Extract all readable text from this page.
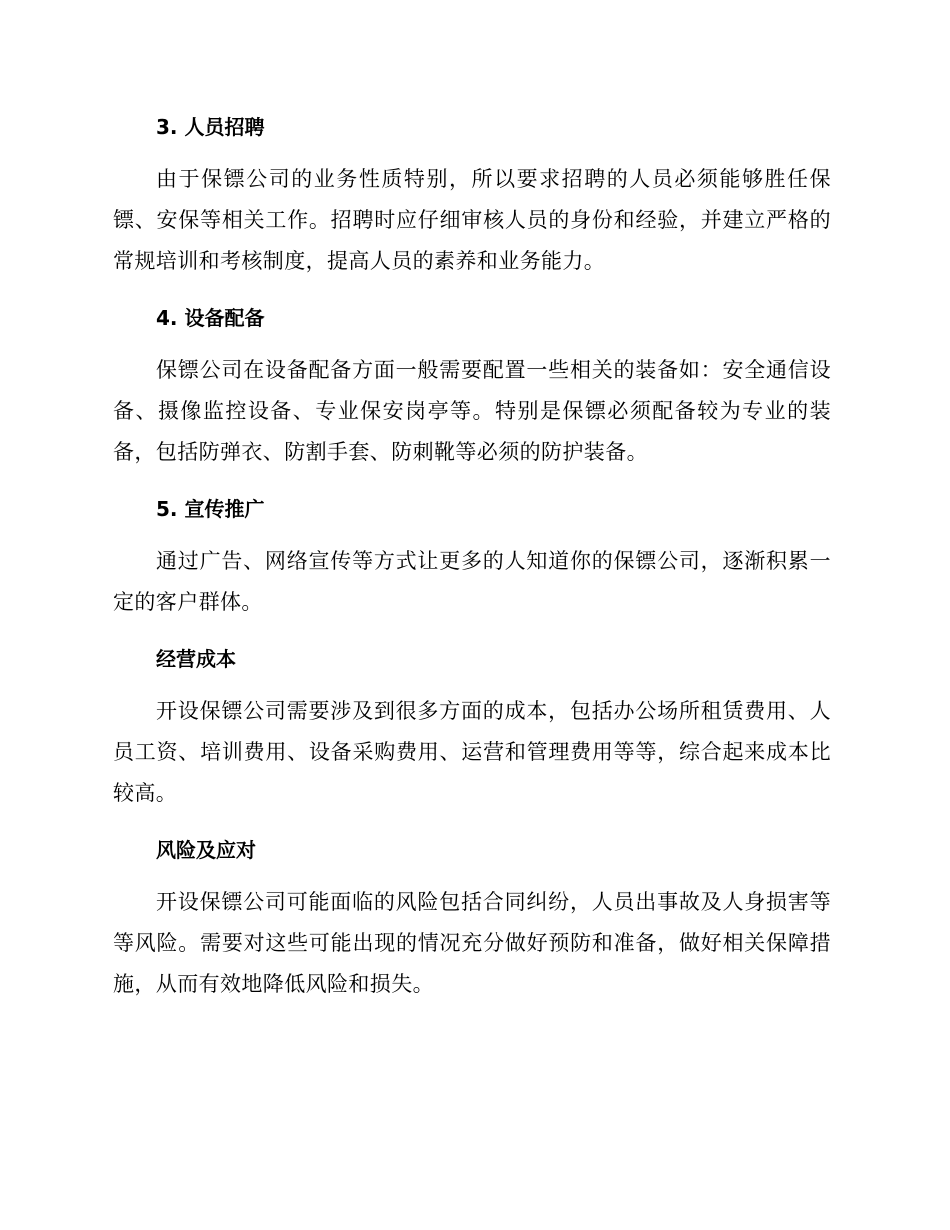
3. 人员招聘

由于保镖公司的业务性质特别，所以要求招聘的人员必须能够胜任保镖、安保等相关工作。招聘时应仔细审核人员的身份和经验，并建立严格的常规培训和考核制度，提高人员的素养和业务能力。

4. 设备配备

保镖公司在设备配备方面一般需要配置一些相关的装备如：安全通信设备、摄像监控设备、专业保安岗亭等。特别是保镖必须配备较为专业的装备，包括防弹衣、防割手套、防刺靴等必须的防护装备。

5. 宣传推广

通过广告、网络宣传等方式让更多的人知道你的保镖公司，逐渐积累一定的客户群体。

经营成本

开设保镖公司需要涉及到很多方面的成本，包括办公场所租赁费用、人员工资、培训费用、设备采购费用、运营和管理费用等等，综合起来成本比较高。

风险及应对

开设保镖公司可能面临的风险包括合同纠纷，人员出事故及人身损害等等风险。需要对这些可能出现的情况充分做好预防和准备，做好相关保障措施，从而有效地降低风险和损失。
